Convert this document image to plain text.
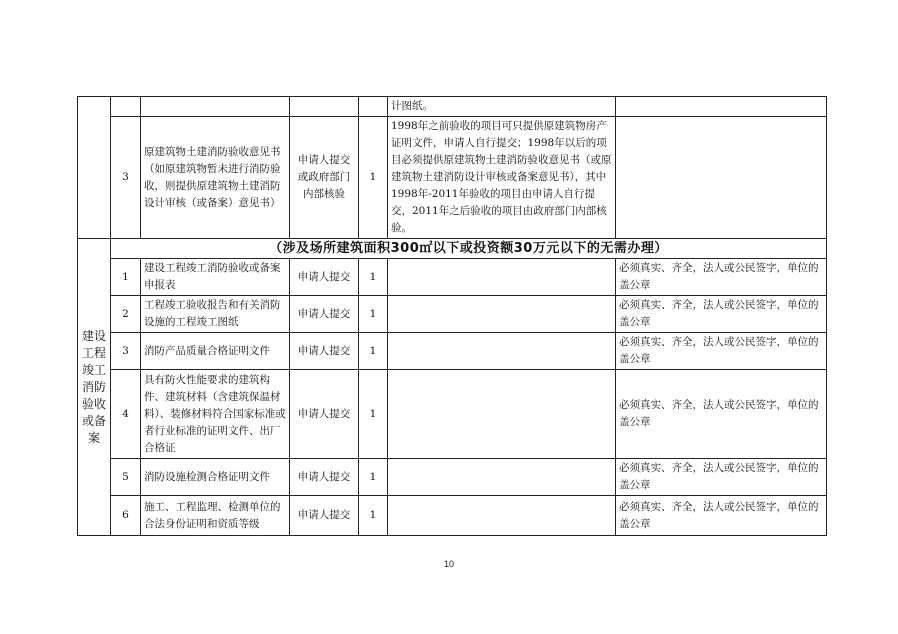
					计图纸。	
	3	原建筑物土建消防验收意见书（如原建筑物暂未进行消防验收，则提供原建筑物土建消防设计审核（或备案）意见书）	申请人提交或政府部门内部核验	1	1998年之前验收的项目可只提供原建筑物房产证明文件，申请人自行提交；1998年以后的项目必须提供原建筑物土建消防验收意见书（或原建筑物土建消防设计审核或备案意见书），其中1998年-2011年验收的项目由申请人自行提交，2011年之后验收的项目由政府部门内部核验。	
建设工程竣工消防验收或备案	（涉及场所建筑面积300㎡以下或投资额30万元以下的无需办理）					
	1	建设工程竣工消防验收或备案申报表	申请人提交	1		必须真实、齐全，法人或公民签字，单位的盖公章
	2	工程竣工验收报告和有关消防设施的工程竣工图纸	申请人提交	1		必须真实、齐全，法人或公民签字，单位的盖公章
	3	消防产品质量合格证明文件	申请人提交	1		必须真实、齐全，法人或公民签字，单位的盖公章
	4	具有防火性能要求的建筑构件、建筑材料（含建筑保温材料）、装修材料符合国家标准或者行业标准的证明文件、出厂合格证	申请人提交	1		必须真实、齐全，法人或公民签字，单位的盖公章
	5	消防设施检测合格证明文件	申请人提交	1		必须真实、齐全，法人或公民签字，单位的盖公章
	6	施工、工程监理、检测单位的合法身份证明和资质等级	申请人提交	1		必须真实、齐全，法人或公民签字，单位的盖公章
10
